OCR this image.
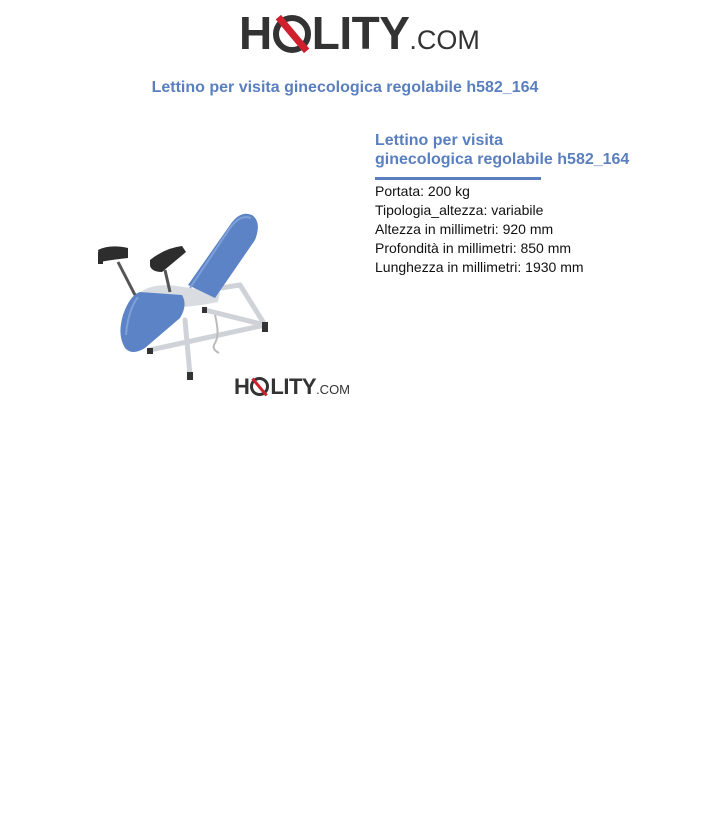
H LITY .COM
Lettino per visita ginecologica regolabile h582_164
H LITY .COM

Lettino per visita
ginecologica regolabile h582_164

Portata: 200 kg
Tipologia_altezza: variabile
Altezza in millimetri: 920 mm
Profondità in millimetri: 850 mm
Lunghezza in millimetri: 1930 mm
